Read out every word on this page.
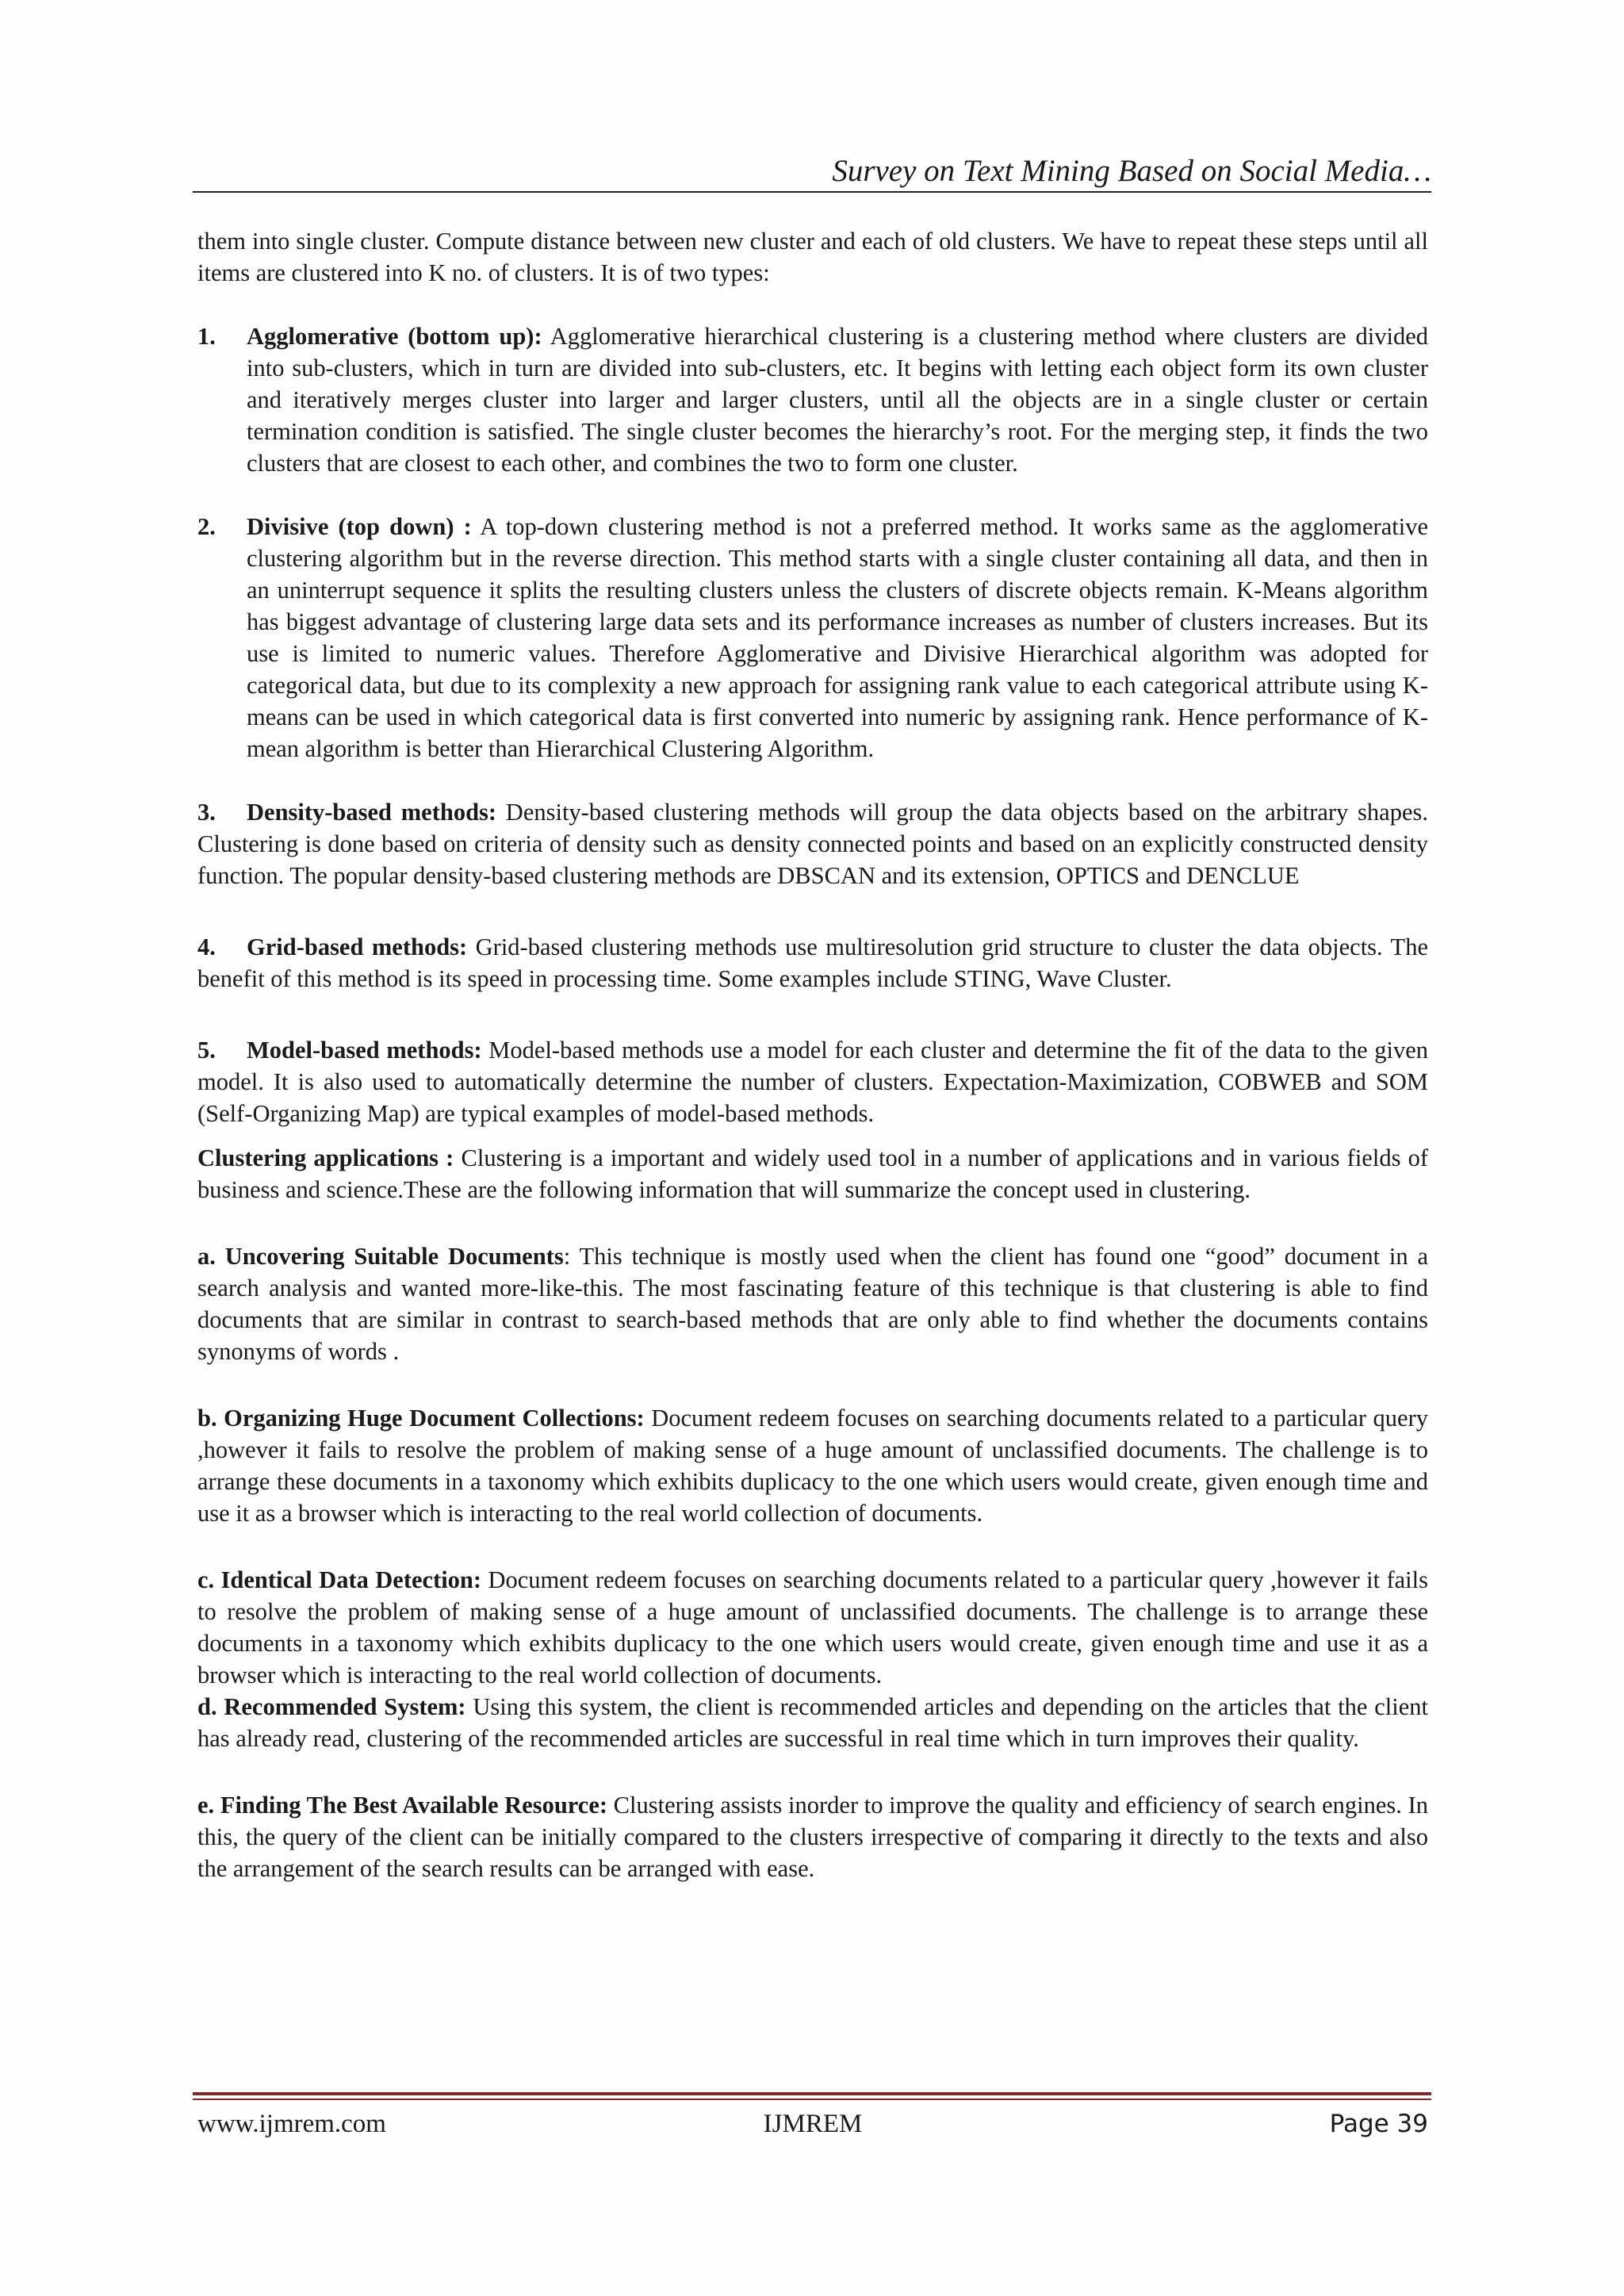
Survey on Text Mining Based on Social Media…

them into single cluster. Compute distance between new cluster and each of old clusters. We have to repeat these steps until all items are clustered into K no. of clusters. It is of two types:

1.	Agglomerative (bottom up): Agglomerative hierarchical clustering is a clustering method where clusters are divided into sub-clusters, which in turn are divided into sub-clusters, etc. It begins with letting each object form its own cluster and iteratively merges cluster into larger and larger clusters, until all the objects are in a single cluster or certain termination condition is satisfied. The single cluster becomes the hierarchy’s root. For the merging step, it finds the two clusters that are closest to each other, and combines the two to form one cluster.

2.	Divisive (top down) : A top-down clustering method is not a preferred method. It works same as the agglomerative clustering algorithm but in the reverse direction. This method starts with a single cluster containing all data, and then in an uninterrupt sequence it splits the resulting clusters unless the clusters of discrete objects remain. K-Means algorithm has biggest advantage of clustering large data sets and its performance increases as number of clusters increases. But its use is limited to numeric values. Therefore Agglomerative and Divisive Hierarchical algorithm was adopted for categorical data, but due to its complexity a new approach for assigning rank value to each categorical attribute using K- means can be used in which categorical data is first converted into numeric by assigning rank. Hence performance of K-mean algorithm is better than Hierarchical Clustering Algorithm.

3. Density-based methods: Density-based clustering methods will group the data objects based on the arbitrary shapes. Clustering is done based on criteria of density such as density connected points and based on an explicitly constructed density function. The popular density-based clustering methods are DBSCAN and its extension, OPTICS and DENCLUE

4. Grid-based methods: Grid-based clustering methods use multiresolution grid structure to cluster the data objects. The benefit of this method is its speed in processing time. Some examples include STING, Wave Cluster.

5. Model-based methods: Model-based methods use a model for each cluster and determine the fit of the data to the given model. It is also used to automatically determine the number of clusters. Expectation-Maximization, COBWEB and SOM (Self-Organizing Map) are typical examples of model-based methods.

Clustering applications : Clustering is a important and widely used tool in a number of applications and in various fields of business and science.These are the following information that will summarize the concept used in clustering.

a. Uncovering Suitable Documents: This technique is mostly used when the client has found one “good” document in a search analysis and wanted more-like-this. The most fascinating feature of this technique is that clustering is able to find documents that are similar in contrast to search-based methods that are only able to find whether the documents contains synonyms of words .

b. Organizing Huge Document Collections: Document redeem focuses on searching documents related to a particular query ,however it fails to resolve the problem of making sense of a huge amount of unclassified documents. The challenge is to arrange these documents in a taxonomy which exhibits duplicacy to the one which users would create, given enough time and use it as a browser which is interacting to the real world collection of documents.

c. Identical Data Detection: Document redeem focuses on searching documents related to a particular query ,however it fails to resolve the problem of making sense of a huge amount of unclassified documents. The challenge is to arrange these documents in a taxonomy which exhibits duplicacy to the one which users would create, given enough time and use it as a browser which is interacting to the real world collection of documents.

d. Recommended System: Using this system, the client is recommended articles and depending on the articles that the client has already read, clustering of the recommended articles are successful in real time which in turn improves their quality.

e. Finding The Best Available Resource: Clustering assists inorder to improve the quality and efficiency of search engines. In this, the query of the client can be initially compared to the clusters irrespective of comparing it directly to the texts and also the arrangement of the search results can be arranged with ease.

www.ijmrem.com	IJMREM	Page 39
